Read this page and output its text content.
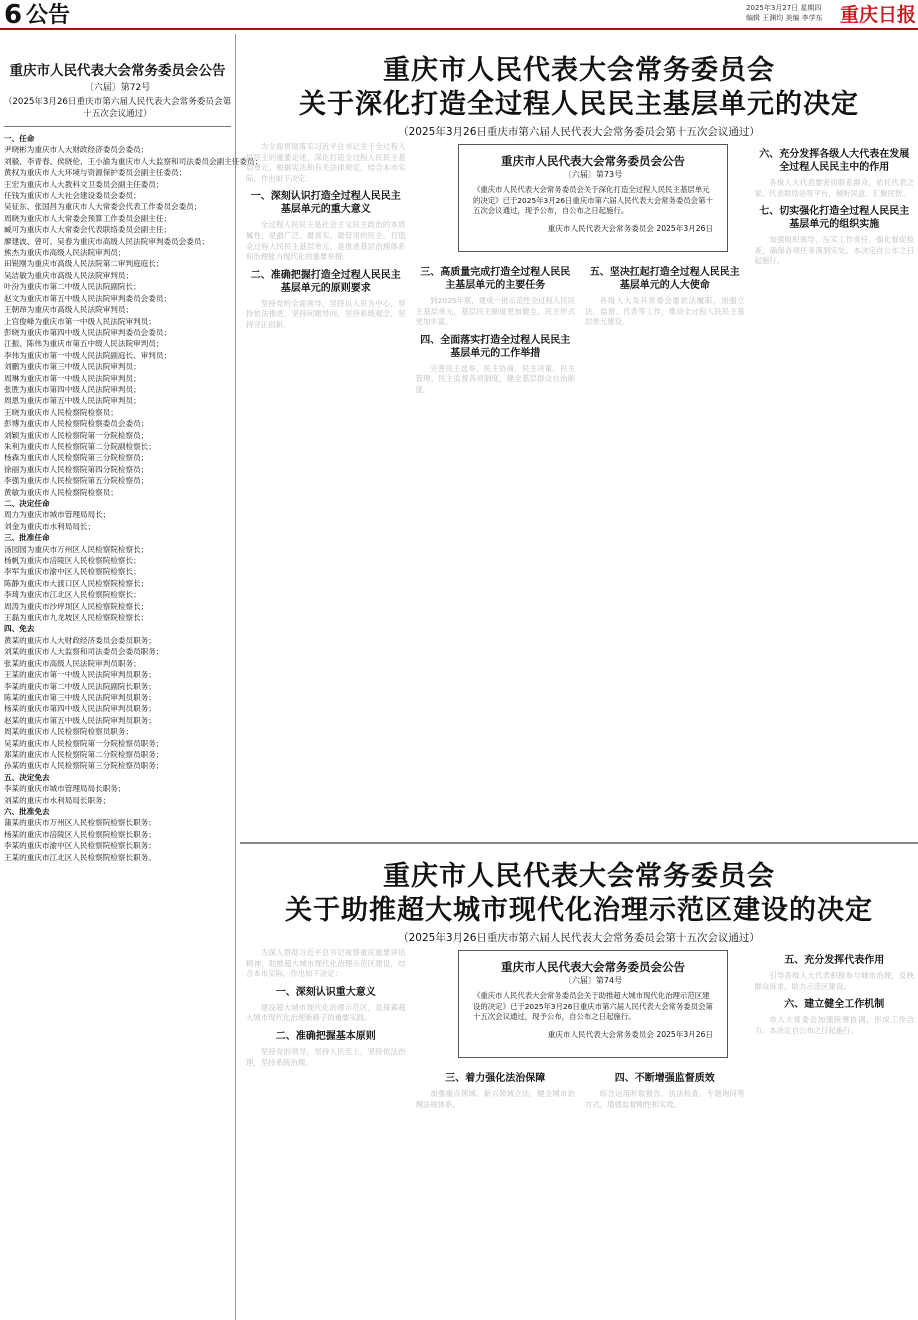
6 公告	2025年3月27日 星期四
编辑 王渊均 美编 李学东 重庆日报
重庆市人民代表大会常务委员会公告
〔六届〕第72号
（2025年3月26日重庆市第六届人民代表大会常务委员会第十五次会议通过）
一、任命
尹晓彬为重庆市人大财政经济委员会委员；
刘毅、李青春、侯晓伦、王小渝为重庆市人大监察和司法委员会副主任委员；
黄权为重庆市人大环境与资源保护委员会副主任委员；
王宏为重庆市人大教科文卫委员会副主任委员；
任钱为重庆市人大社会建设委员会委员；
吴征东、张国昌为重庆市人大常委会代表工作委员会委员；
周晓为重庆市人大常委会预算工作委员会副主任；
臧可为重庆市人大常委会代表联络委员会副主任；
廖建波、曾可、吴春为重庆市高级人民法院审判委员会委员；
熊杰为重庆市高级人民法院审判员；
田锐刚为重庆市高级人民法院第二审判庭庭长；
吴洁敏为重庆市高级人民法院审判员；
叶汾为重庆市第二中级人民法院副院长；
赵文为重庆市第五中级人民法院审判委员会委员；
王朝昂为重庆市高级人民法院审判员；
上官俊峰为重庆市第一中级人民法院审判员；
彭晓为重庆市第四中级人民法院审判委员会委员；
江振、陈伟为重庆市第五中级人民法院审判员；
李伟为重庆市第一中级人民法院副庭长、审判员；
刘鹏为重庆市第三中级人民法院审判员；
周琳为重庆市第一中级人民法院审判员；
张胜为重庆市第四中级人民法院审判员；
周恩为重庆市第五中级人民法院审判员；
王晓为重庆市人民检察院检察员；
彭博为重庆市人民检察院检察委员会委员；
刘颖为重庆市人民检察院第一分院检察员；
朱利为重庆市人民检察院第二分院副检察长；
杨森为重庆市人民检察院第三分院检察员；
徐丽为重庆市人民检察院第四分院检察员；
李强为重庆市人民检察院第五分院检察员；
黄敏为重庆市人民检察院检察员；
二、决定任命
周力为重庆市城市管理局局长；
刘金为重庆市水利局局长；
三、批准任命
汤园园为重庆市万州区人民检察院检察长；
杨帆为重庆市涪陵区人民检察院检察长；
李军为重庆市渝中区人民检察院检察长；
陈静为重庆市大渡口区人民检察院检察长；
李琦为重庆市江北区人民检察院检察长；
周涛为重庆市沙坪坝区人民检察院检察长；
王磊为重庆市九龙坡区人民检察院检察长；
四、免去
黄某的重庆市人大财政经济委员会委员职务；
刘某的重庆市人大监察和司法委员会委员职务；
张某的重庆市高级人民法院审判员职务；
王某的重庆市第一中级人民法院审判员职务；
李某的重庆市第二中级人民法院副院长职务；
陈某的重庆市第三中级人民法院审判员职务；
杨某的重庆市第四中级人民法院审判员职务；
赵某的重庆市第五中级人民法院审判员职务；
周某的重庆市人民检察院检察员职务；
吴某的重庆市人民检察院第一分院检察员职务；
郑某的重庆市人民检察院第二分院检察员职务；
孙某的重庆市人民检察院第三分院检察员职务；
五、决定免去
李某的重庆市城市管理局局长职务；
刘某的重庆市水利局局长职务；
六、批准免去
蒲某的重庆市万州区人民检察院检察长职务；
杨某的重庆市涪陵区人民检察院检察长职务；
李某的重庆市渝中区人民检察院检察长职务；
王某的重庆市江北区人民检察院检察长职务。
重庆市人民代表大会常务委员会
关于深化打造全过程人民民主基层单元的决定
（2025年3月26日重庆市第六届人民代表大会常务委员会第十五次会议通过）

为全面贯彻落实习近平总书记关于全过程人民民主的重要论述，深化打造全过程人民民主基层单元，根据宪法和有关法律规定，结合本市实际，作出如下决定：

一、深刻认识打造全过程人民民主基层单元的重大意义

全过程人民民主是社会主义民主政治的本质属性，是最广泛、最真实、最管用的民主。打造全过程人民民主基层单元，是推进基层治理体系和治理能力现代化的重要举措。

二、准确把握打造全过程人民民主基层单元的原则要求

坚持党的全面领导，坚持以人民为中心，坚持依法推进，坚持问题导向，坚持系统观念，坚持守正创新。

三、高质量完成打造全过程人民民主基层单元的主要任务

到2025年底，建成一批示范性全过程人民民主基层单元，基层民主制度更加健全，民主形式更加丰富。

四、全面落实打造全过程人民民主基层单元的工作举措

完善民主选举、民主协商、民主决策、民主管理、民主监督各项制度，健全基层群众自治制度。

五、坚决扛起打造全过程人民民主基层单元的人大使命

各级人大及其常委会要依法履职，加强立法、监督、代表等工作，推动全过程人民民主基层单元建设。

六、充分发挥各级人大代表在发展全过程人民民主中的作用

各级人大代表要密切联系群众，依托代表之家、代表联络站等平台，倾听民意、汇聚民智。

七、切实强化打造全过程人民民主基层单元的组织实施

加强组织领导，压实工作责任，强化督促检查，确保各项任务落到实处。本决定自公布之日起施行。

重庆市人民代表大会常务委员会公告
〔六届〕第73号
《重庆市人民代表大会常务委员会关于深化打造全过程人民民主基层单元的决定》已于2025年3月26日重庆市第六届人民代表大会常务委员会第十五次会议通过，现予公布，自公布之日起施行。
重庆市人民代表大会常务委员会 2025年3月26日
重庆市人民代表大会常务委员会
关于助推超大城市现代化治理示范区建设的决定
（2025年3月26日重庆市第六届人民代表大会常务委员会第十五次会议通过）

为深入贯彻习近平总书记视察重庆重要讲话精神，助推超大城市现代化治理示范区建设，结合本市实际，作出如下决定：

一、深刻认识重大意义

建设超大城市现代化治理示范区，是探索超大城市现代化治理新路子的重要实践。

二、准确把握基本原则

坚持党的领导，坚持人民至上，坚持依法治理，坚持系统治理。

三、着力强化法治保障

加强重点领域、新兴领域立法，健全城市治理法规体系。

四、不断增强监督质效

综合运用听取报告、执法检查、专题询问等方式，增强监督刚性和实效。

五、充分发挥代表作用

引导各级人大代表积极参与城市治理，反映群众诉求，助力示范区建设。

六、建立健全工作机制

市人大常委会加强统筹协调，形成工作合力。本决定自公布之日起施行。

重庆市人民代表大会常务委员会公告
〔六届〕第74号
《重庆市人民代表大会常务委员会关于助推超大城市现代化治理示范区建设的决定》已于2025年3月26日重庆市第六届人民代表大会常务委员会第十五次会议通过，现予公布，自公布之日起施行。
重庆市人民代表大会常务委员会 2025年3月26日
